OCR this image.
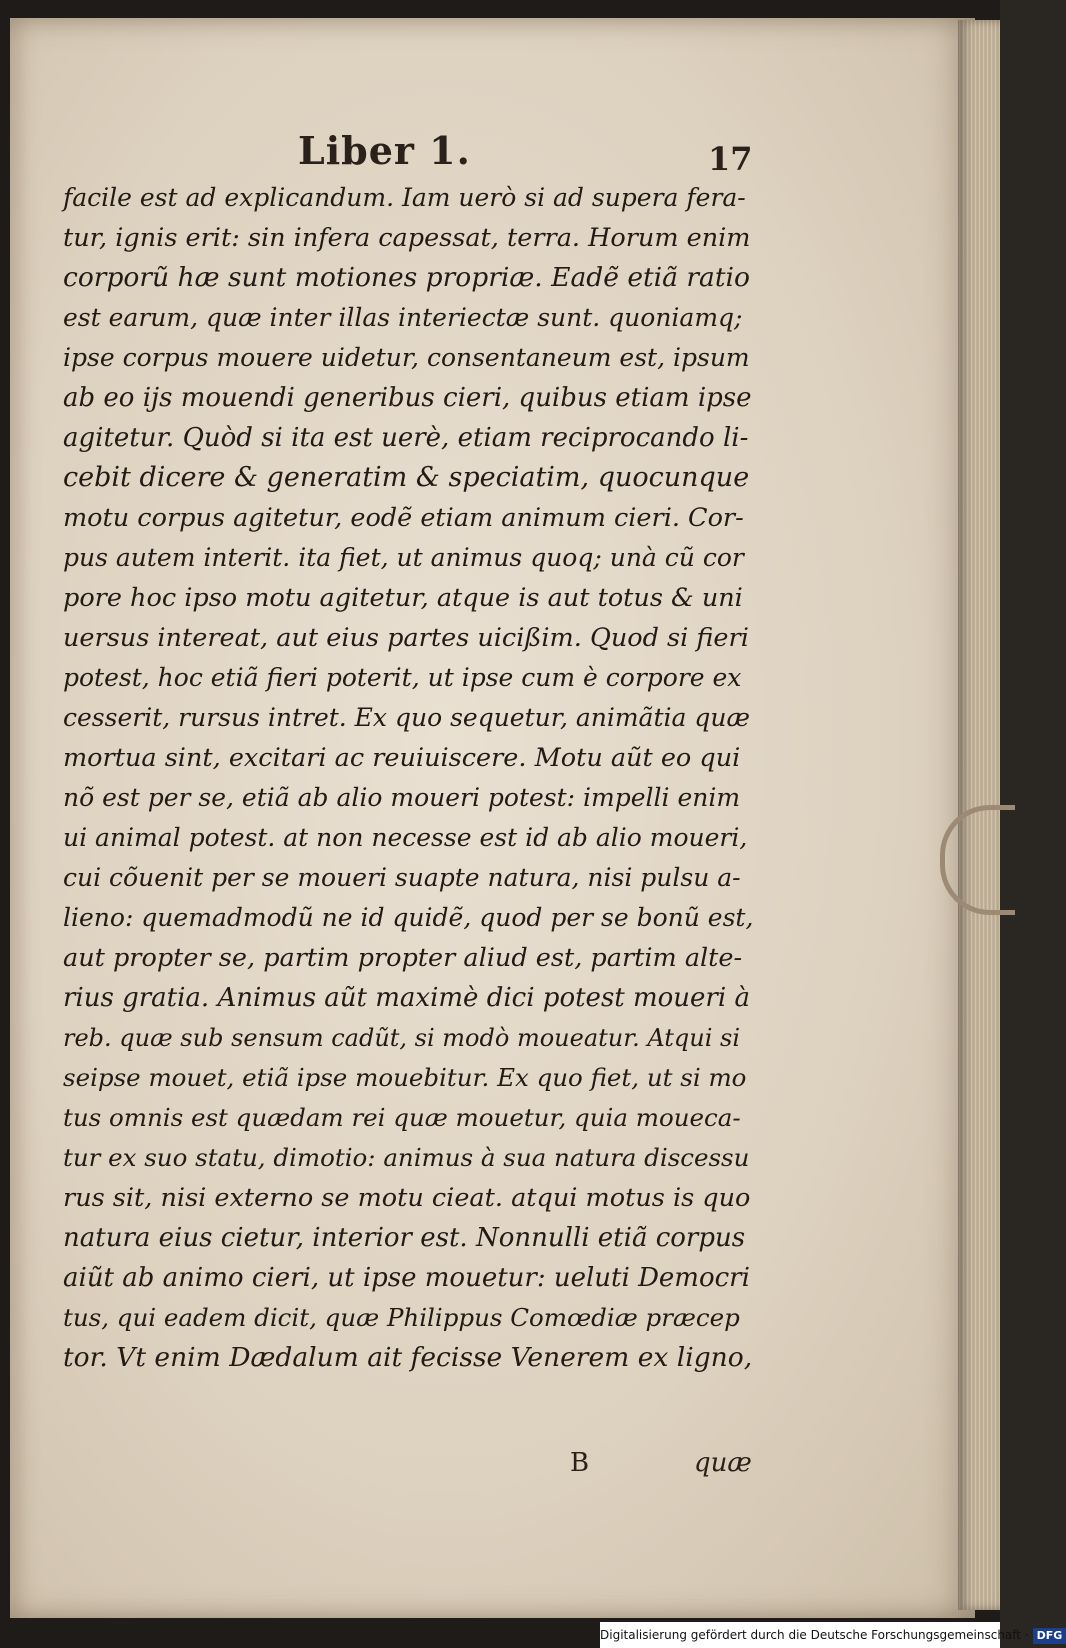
Liber 1.	17
facile est ad explicandum. Iam uerò si ad supera fera-
tur, ignis erit: sin infera capessat, terra. Horum enim
corporũ hæ sunt motiones propriæ. Eadẽ etiã ratio
est earum, quæ inter illas interiectæ sunt. quoniamq;
ipse corpus mouere uidetur, consentaneum est, ipsum
ab eo ijs mouendi generibus cieri, quibus etiam ipse
agitetur. Quòd si ita est uerè, etiam reciprocando li-
cebit dicere & generatim & speciatim, quocunque
motu corpus agitetur, eodẽ etiam animum cieri. Cor-
pus autem interit. ita fiet, ut animus quoq; unà cũ cor
pore hoc ipso motu agitetur, atque is aut totus & uni
uersus intereat, aut eius partes uicißim. Quod si fieri
potest, hoc etiã fieri poterit, ut ipse cum è corpore ex
cesserit, rursus intret. Ex quo sequetur, animãtia quæ
mortua sint, excitari ac reuiuiscere. Motu aũt eo qui
nõ est per se, etiã ab alio moueri potest: impelli enim
ui animal potest. at non necesse est id ab alio moueri,
cui cõuenit per se moueri suapte natura, nisi pulsu a-
lieno: quemadmodũ ne id quidẽ, quod per se bonũ est,
aut propter se, partim propter aliud est, partim alte-
rius gratia. Animus aũt maximè dici potest moueri à
reb. quæ sub sensum cadũt, si modò moueatur. Atqui si
seipse mouet, etiã ipse mouebitur. Ex quo fiet, ut si mo
tus omnis est quædam rei quæ mouetur, quia moueca-
tur ex suo statu, dimotio: animus à sua natura discessu
rus sit, nisi externo se motu cieat. atqui motus is quo
natura eius cietur, interior est. Nonnulli etiã corpus
aiũt ab animo cieri, ut ipse mouetur: ueluti Democri
tus, qui eadem dicit, quæ Philippus Comœdiæ præcep
tor. Vt enim Dædalum ait fecisse Venerem ex ligno,
B	quæ
Digitalisierung gefördert durch die Deutsche Forschungsgemeinschaft · DFG
